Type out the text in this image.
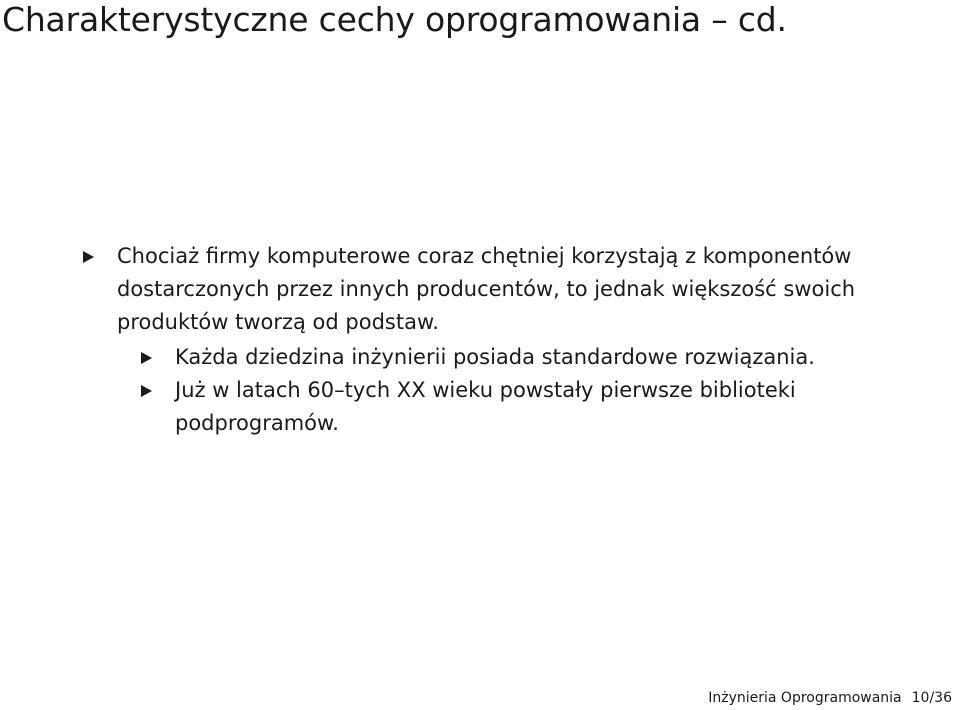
Charakterystyczne cechy oprogramowania – cd.
Chociaż firmy komputerowe coraz chętniej korzystają z komponentów dostarczonych przez innych producentów, to jednak większość swoich produktów tworzą od podstaw.
Każda dziedzina inżynierii posiada standardowe rozwiązania.
Już w latach 60–tych XX wieku powstały pierwsze biblioteki podprogramów.
Inżynieria Oprogramowania 10/36
